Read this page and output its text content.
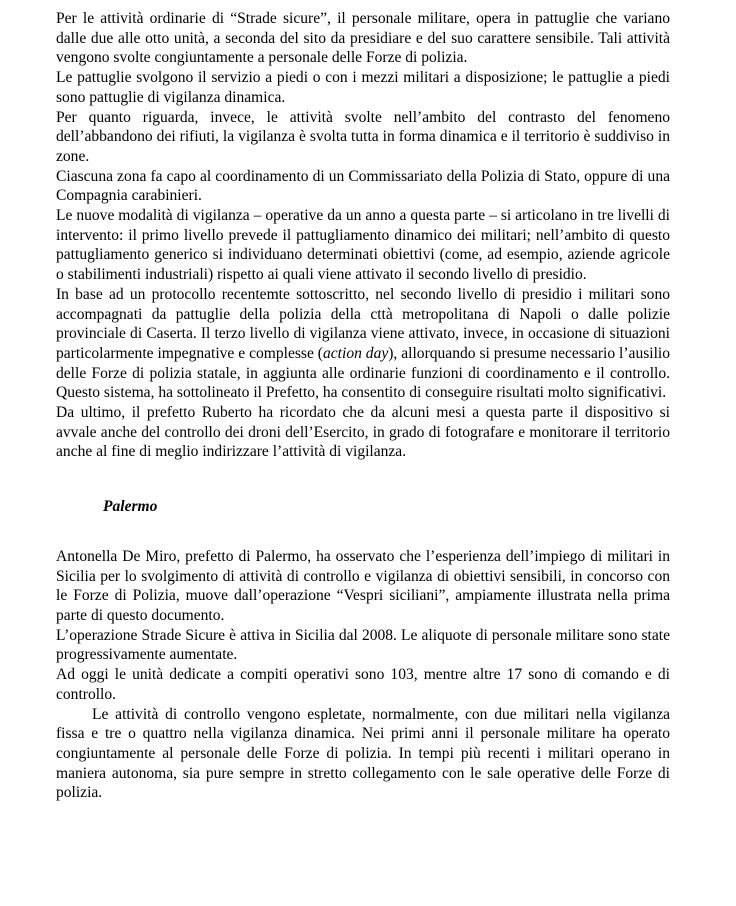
Per le attività ordinarie di “Strade sicure”, il personale militare, opera in pattuglie che variano dalle due alle otto unità, a seconda del sito da presidiare e del suo carattere sensibile. Tali attività vengono svolte congiuntamente a personale delle Forze di polizia.

Le pattuglie svolgono il servizio a piedi o con i mezzi militari a disposizione; le pattuglie a piedi sono pattuglie di vigilanza dinamica.

Per quanto riguarda, invece, le attività svolte nell’ambito del contrasto del fenomeno dell’abbandono dei rifiuti, la vigilanza è svolta tutta in forma dinamica e il territorio è suddiviso in zone.

Ciascuna zona fa capo al coordinamento di un Commissariato della Polizia di Stato, oppure di una Compagnia carabinieri.

Le nuove modalità di vigilanza – operative da un anno a questa parte – si articolano in tre livelli di intervento: il primo livello prevede il pattugliamento dinamico dei militari; nell’ambito di questo pattugliamento generico si individuano determinati obiettivi (come, ad esempio, aziende agricole o stabilimenti industriali) rispetto ai quali viene attivato il secondo livello di presidio.

In base ad un protocollo recentemte sottoscritto, nel secondo livello di presidio i militari sono accompagnati da pattuglie della polizia della cttà metropolitana di Napoli o dalle polizie provinciale di Caserta. Il terzo livello di vigilanza viene attivato, invece, in occasione di situazioni particolarmente impegnative e complesse (action day), allorquando si presume necessario l’ausilio delle Forze di polizia statale, in aggiunta alle ordinarie funzioni di coordinamento e il controllo. Questo sistema, ha sottolineato il Prefetto, ha consentito di conseguire risultati molto significativi.

Da ultimo, il prefetto Ruberto ha ricordato che da alcuni mesi a questa parte il dispositivo si avvale anche del controllo dei droni dell’Esercito, in grado di fotografare e monitorare il territorio anche al fine di meglio indirizzare l’attività di vigilanza.

Palermo

Antonella De Miro, prefetto di Palermo, ha osservato che l’esperienza dell’impiego di militari in Sicilia per lo svolgimento di attività di controllo e vigilanza di obiettivi sensibili, in concorso con le Forze di Polizia, muove dall’operazione “Vespri siciliani”, ampiamente illustrata nella prima parte di questo documento.

L’operazione Strade Sicure è attiva in Sicilia dal 2008. Le aliquote di personale militare sono state progressivamente aumentate.

Ad oggi le unità dedicate a compiti operativi sono 103, mentre altre 17 sono di comando e di controllo.

Le attività di controllo vengono espletate, normalmente, con due militari nella vigilanza fissa e tre o quattro nella vigilanza dinamica. Nei primi anni il personale militare ha operato congiuntamente al personale delle Forze di polizia. In tempi più recenti i militari operano in maniera autonoma, sia pure sempre in stretto collegamento con le sale operative delle Forze di polizia.
